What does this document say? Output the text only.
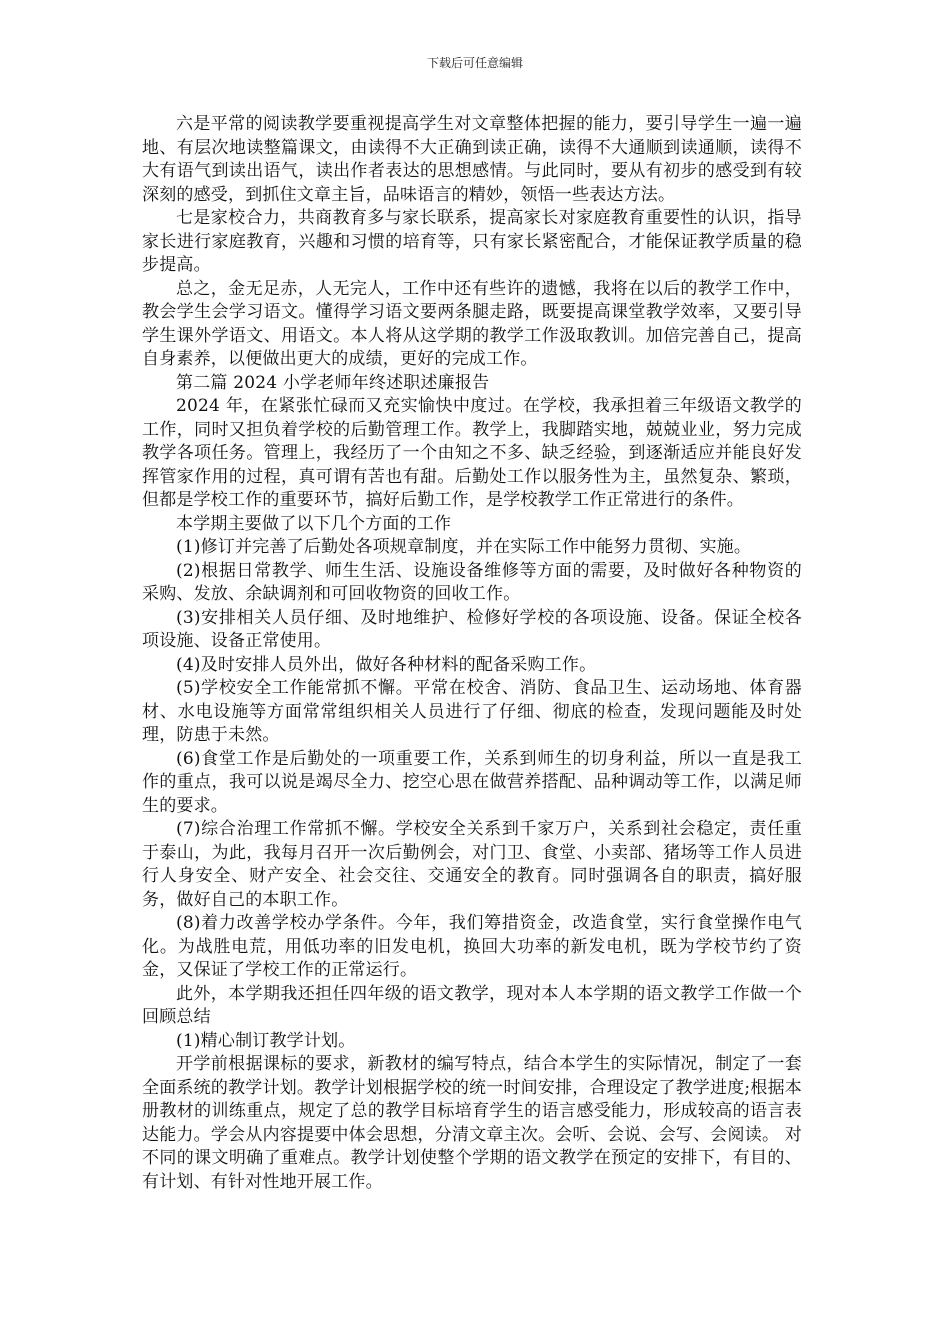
下载后可任意编辑

六是平常的阅读教学要重视提高学生对文章整体把握的能力，要引导学生一遍一遍地、有层次地读整篇课文，由读得不大正确到读正确，读得不大通顺到读通顺，读得不大有语气到读出语气，读出作者表达的思想感情。与此同时，要从有初步的感受到有较深刻的感受，到抓住文章主旨，品味语言的精妙，领悟一些表达方法。

七是家校合力，共商教育多与家长联系，提高家长对家庭教育重要性的认识，指导家长进行家庭教育，兴趣和习惯的培育等，只有家长紧密配合，才能保证教学质量的稳步提高。

总之，金无足赤，人无完人，工作中还有些许的遗憾，我将在以后的教学工作中，教会学生会学习语文。懂得学习语文要两条腿走路，既要提高课堂教学效率，又要引导学生课外学语文、用语文。本人将从这学期的教学工作汲取教训。加倍完善自己，提高自身素养，以便做出更大的成绩，更好的完成工作。

第二篇 2024 小学老师年终述职述廉报告

2024 年，在紧张忙碌而又充实愉快中度过。在学校，我承担着三年级语文教学的工作，同时又担负着学校的后勤管理工作。教学上，我脚踏实地，兢兢业业，努力完成教学各项任务。管理上，我经历了一个由知之不多、缺乏经验，到逐渐适应并能良好发挥管家作用的过程，真可谓有苦也有甜。后勤处工作以服务性为主，虽然复杂、繁琐，但都是学校工作的重要环节，搞好后勤工作，是学校教学工作正常进行的条件。

本学期主要做了以下几个方面的工作

(1)修订并完善了后勤处各项规章制度，并在实际工作中能努力贯彻、实施。

(2)根据日常教学、师生生活、设施设备维修等方面的需要，及时做好各种物资的采购、发放、余缺调剂和可回收物资的回收工作。

(3)安排相关人员仔细、及时地维护、检修好学校的各项设施、设备。保证全校各项设施、设备正常使用。

(4)及时安排人员外出，做好各种材料的配备采购工作。

(5)学校安全工作能常抓不懈。平常在校舍、消防、食品卫生、运动场地、体育器材、水电设施等方面常常组织相关人员进行了仔细、彻底的检查，发现问题能及时处理，防患于未然。

(6)食堂工作是后勤处的一项重要工作，关系到师生的切身利益，所以一直是我工作的重点，我可以说是竭尽全力、挖空心思在做营养搭配、品种调动等工作，以满足师生的要求。

(7)综合治理工作常抓不懈。学校安全关系到千家万户，关系到社会稳定，责任重于泰山，为此，我每月召开一次后勤例会，对门卫、食堂、小卖部、猪场等工作人员进行人身安全、财产安全、社会交往、交通安全的教育。同时强调各自的职责，搞好服务，做好自己的本职工作。

(8)着力改善学校办学条件。今年，我们筹措资金，改造食堂，实行食堂操作电气化。为战胜电荒，用低功率的旧发电机，换回大功率的新发电机，既为学校节约了资金，又保证了学校工作的正常运行。

此外，本学期我还担任四年级的语文教学，现对本人本学期的语文教学工作做一个回顾总结

(1)精心制订教学计划。

开学前根据课标的要求，新教材的编写特点，结合本学生的实际情况，制定了一套全面系统的教学计划。教学计划根据学校的统一时间安排，合理设定了教学进度;根据本册教材的训练重点，规定了总的教学目标培育学生的语言感受能力，形成较高的语言表达能力。学会从内容提要中体会思想，分清文章主次。会听、会说、会写、会阅读。 对不同的课文明确了重难点。教学计划使整个学期的语文教学在预定的安排下，有目的、有计划、有针对性地开展工作。
